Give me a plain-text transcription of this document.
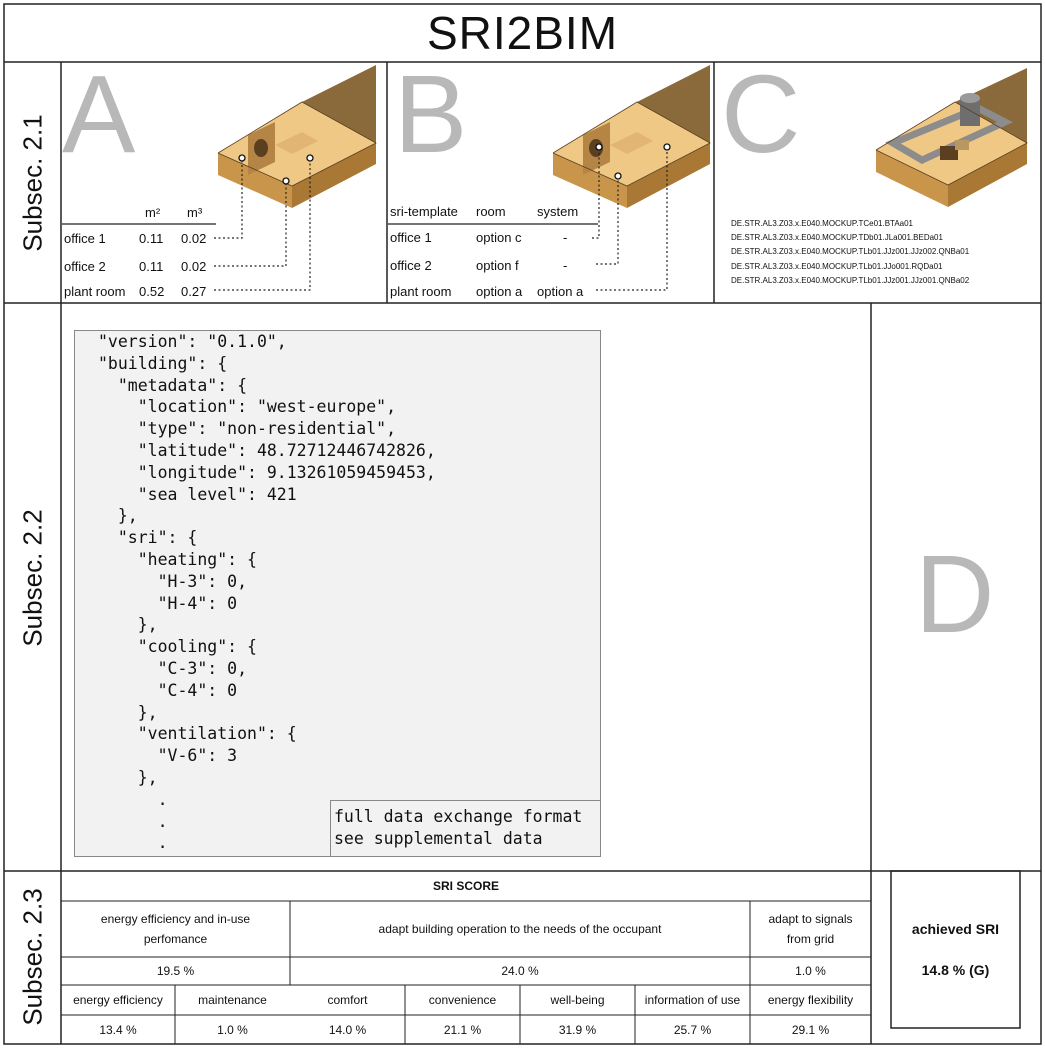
SRI2BIM
Subsec. 2.1
Subsec. 2.2
Subsec. 2.3
A B C
D
m² m³
office 1	0.11 0.02
office 2	0.11 0.02
plant room 0.52 0.27
sri-template room system
office 1	option c	-
office 2	option f	-
plant room option a option a
DE.STR.AL3.Z03.x.E040.MOCKUP.TCe01.BTAa01
DE.STR.AL3.Z03.x.E040.MOCKUP.TDb01.JLa001.BEDa01
DE.STR.AL3.Z03.x.E040.MOCKUP.TLb01.JJz001.JJz002.QNBa01
DE.STR.AL3.Z03.x.E040.MOCKUP.TLb01.JJo001.RQDa01
DE.STR.AL3.Z03.x.E040.MOCKUP.TLb01.JJz001.JJz001.QNBa02
"version": "0.1.0",
"building": {
"metadata": {
"location": "west-europe",
"type": "non-residential",
"latitude": 48.72712446742826,
"longitude": 9.13261059459453,
"sea level": 421
},
"sri": {
"heating": {
"H-3": 0,
"H-4": 0
},
"cooling": {
"C-3": 0,
"C-4": 0
},
"ventilation": {
"V-6": 3
},
.
.
.
full data exchange format
see supplemental data
SRI SCORE
energy efficiency and in-use perfomance
adapt building operation to the needs of the occupant
adapt to signals from grid
19.5 %	24.0 %	1.0 %
energy efficiency	maintenance	comfort	convenience	well-being	information of use	energy flexibility
13.4 %	1.0 %	14.0 %	21.1 %	31.9 %	25.7 %	29.1 %
achieved SRI
14.8 % (G)
